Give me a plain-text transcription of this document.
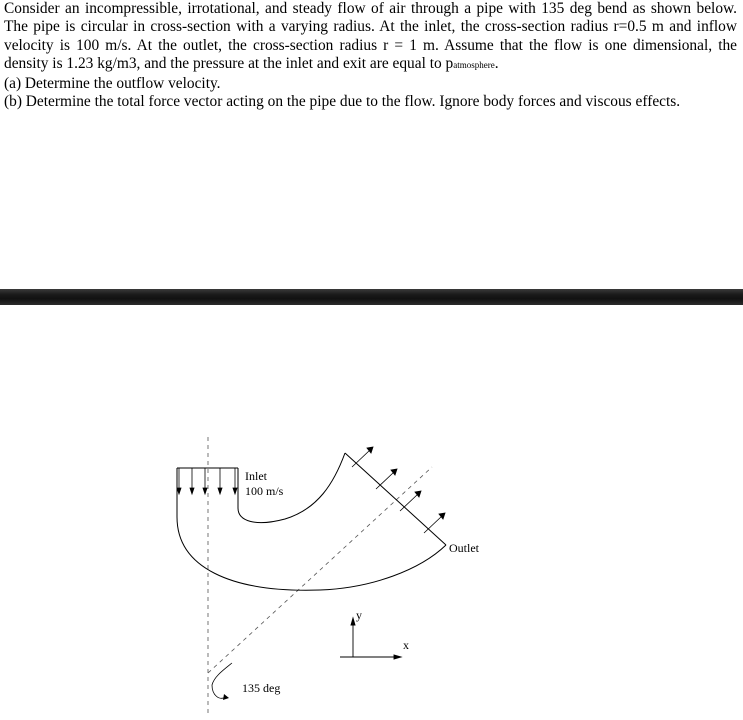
Consider an incompressible, irrotational, and steady flow of air through a pipe with 135 deg bend as shown below.

The pipe is circular in cross-section with a varying radius. At the inlet, the cross-section radius r=0.5 m and inflow

velocity is 100 m/s. At the outlet, the cross-section radius r = 1 m. Assume that the flow is one dimensional, the

density is 1.23 kg/m3, and the pressure at the inlet and exit are equal to patmosphere.

(a) Determine the outflow velocity.

(b) Determine the total force vector acting on the pipe due to the flow. Ignore body forces and viscous effects.

Inlet
100 m/s
Outlet
y
x
135 deg
